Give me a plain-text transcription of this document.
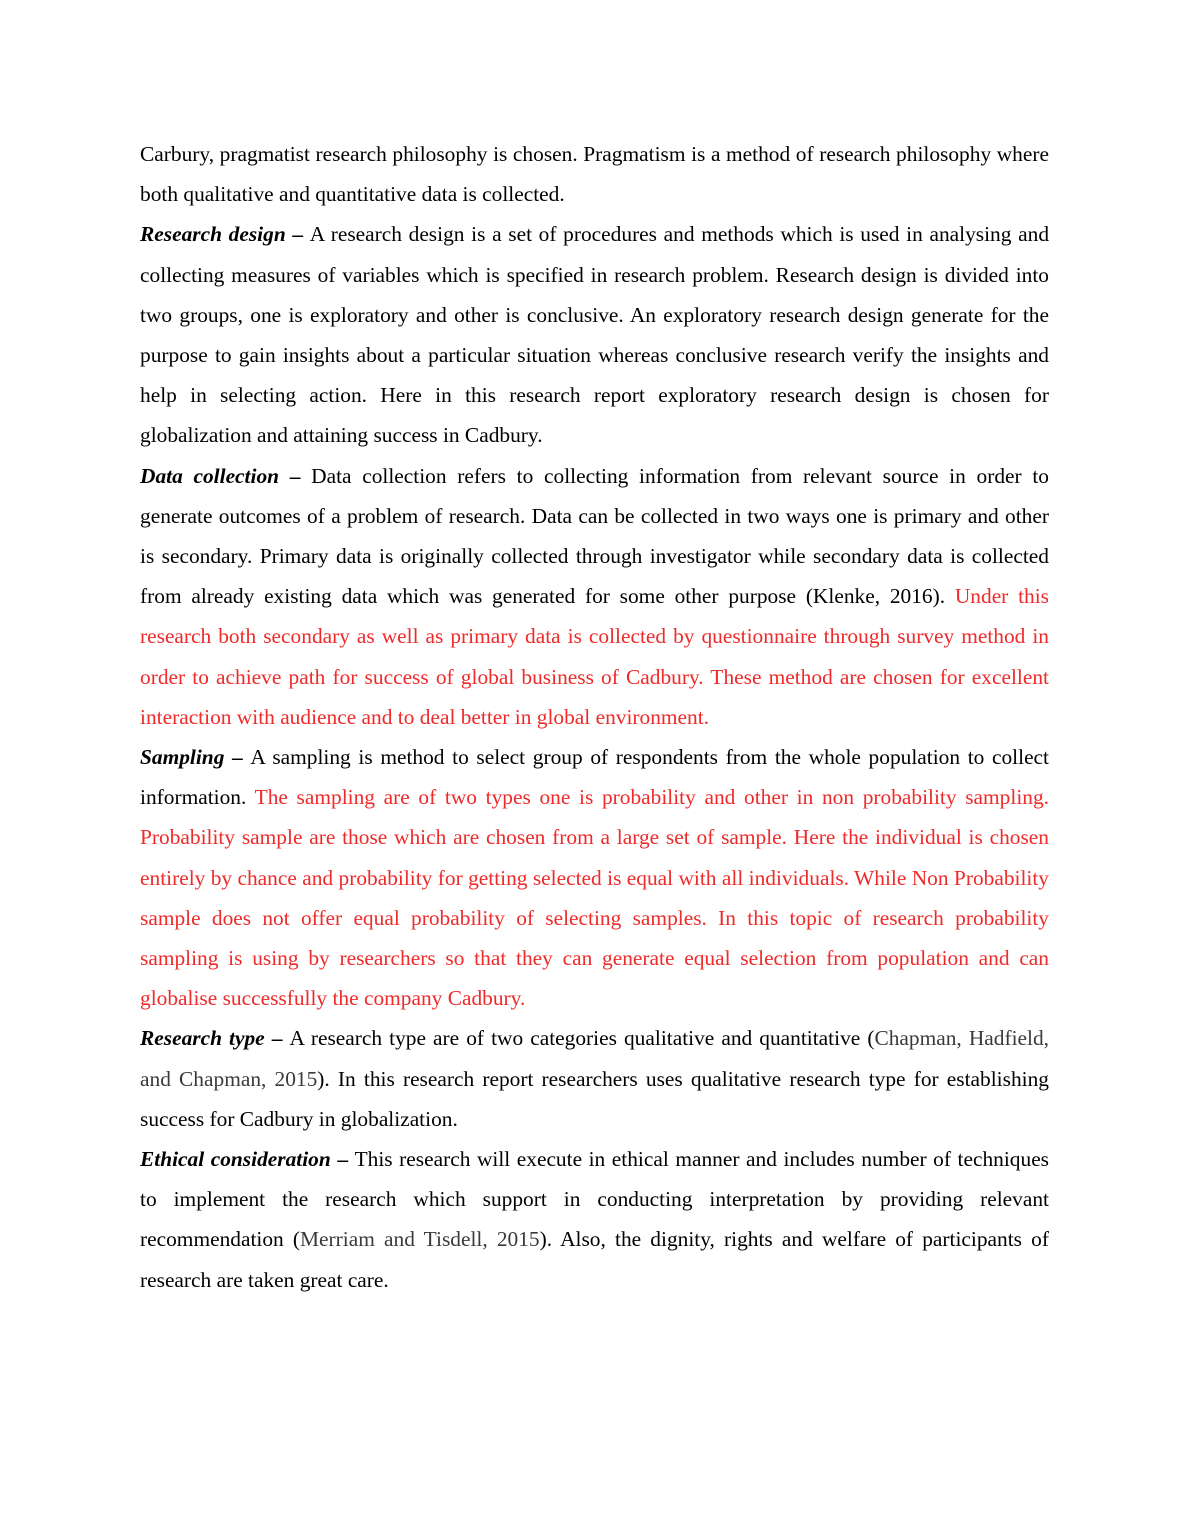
Carbury, pragmatist research philosophy is chosen. Pragmatism is a method of research philosophy where both qualitative and quantitative data is collected.

Research design – A research design is a set of procedures and methods which is used in analysing and collecting measures of variables which is specified in research problem. Research design is divided into two groups, one is exploratory and other is conclusive. An exploratory research design generate for the purpose to gain insights about a particular situation whereas conclusive research verify the insights and help in selecting action. Here in this research report exploratory research design is chosen for globalization and attaining success in Cadbury.

Data collection – Data collection refers to collecting information from relevant source in order to generate outcomes of a problem of research. Data can be collected in two ways one is primary and other is secondary. Primary data is originally collected through investigator while secondary data is collected from already existing data which was generated for some other purpose (Klenke, 2016). Under this research both secondary as well as primary data is collected by questionnaire through survey method in order to achieve path for success of global business of Cadbury. These method are chosen for excellent interaction with audience and to deal better in global environment.

Sampling – A sampling is method to select group of respondents from the whole population to collect information. The sampling are of two types one is probability and other in non probability sampling. Probability sample are those which are chosen from a large set of sample. Here the individual is chosen entirely by chance and probability for getting selected is equal with all individuals. While Non Probability sample does not offer equal probability of selecting samples. In this topic of research probability sampling is using by researchers so that they can generate equal selection from population and can globalise successfully the company Cadbury.

Research type – A research type are of two categories qualitative and quantitative (Chapman, Hadfield, and Chapman, 2015). In this research report researchers uses qualitative research type for establishing success for Cadbury in globalization.

Ethical consideration – This research will execute in ethical manner and includes number of techniques to implement the research which support in conducting interpretation by providing relevant recommendation (Merriam and Tisdell, 2015). Also, the dignity, rights and welfare of participants of research are taken great care.
